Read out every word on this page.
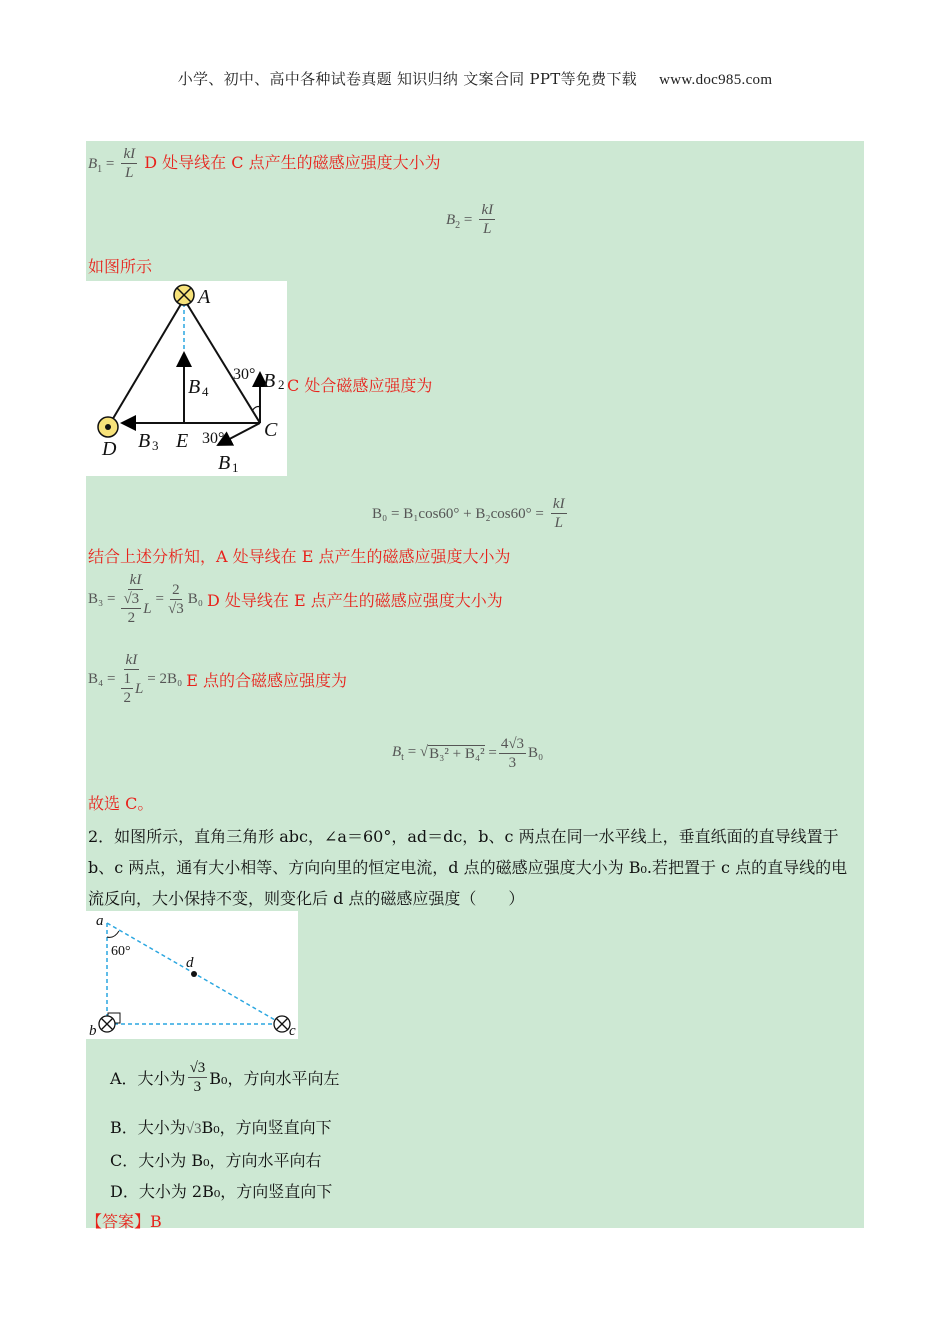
小学、初中、高中各种试卷真题 知识归纳 文案合同 PPT等免费下载 www.doc985.com
$B_1 = \frac{kI}{L}$ D 处导线在 C 点产生的磁感应强度大小为
$B_2 = \frac{kI}{L}$
如图所示
A
B
B
C
D B E
B
2
4
3
1
30°
30°
C 处合磁感应强度为
$B_0 = B_1\cos 60^\circ + B_2\cos 60^\circ = \frac{kI}{L}$
结合上述分析知，A 处导线在 E 点产生的磁感应强度大小为
$B_3 = \frac{kI}{\frac{√3}{2} L} = \frac{2}{√3} B_0$ D 处导线在 E 点产生的磁感应强度大小为
$B_4 = \frac{kI}{\frac{1}{2} L} = 2B_0$ E 点的合磁感应强度为
$B_t$ = √ $B_3^2 + B_4^2 = \frac{4√3}{3} B_0$
故选 C。
2．如图所示，直角三角形 abc，∠a＝60°，ad＝dc，b、c 两点在同一水平线上，垂直纸面的直导线置于
b、c 两点，通有大小相等、方向向里的恒定电流，d 点的磁感应强度大小为 B₀.若把置于 c 点的直导线的电
流反向，大小保持不变，则变化后 d 点的磁感应强度（　　）
a
d
b	c
60°
A．大小为 $\frac{√3}{3} B_0$，方向水平向左
B．大小为√3B₀，方向竖直向下
C．大小为 B₀，方向水平向右
D．大小为 2B₀，方向竖直向下
【答案】B
